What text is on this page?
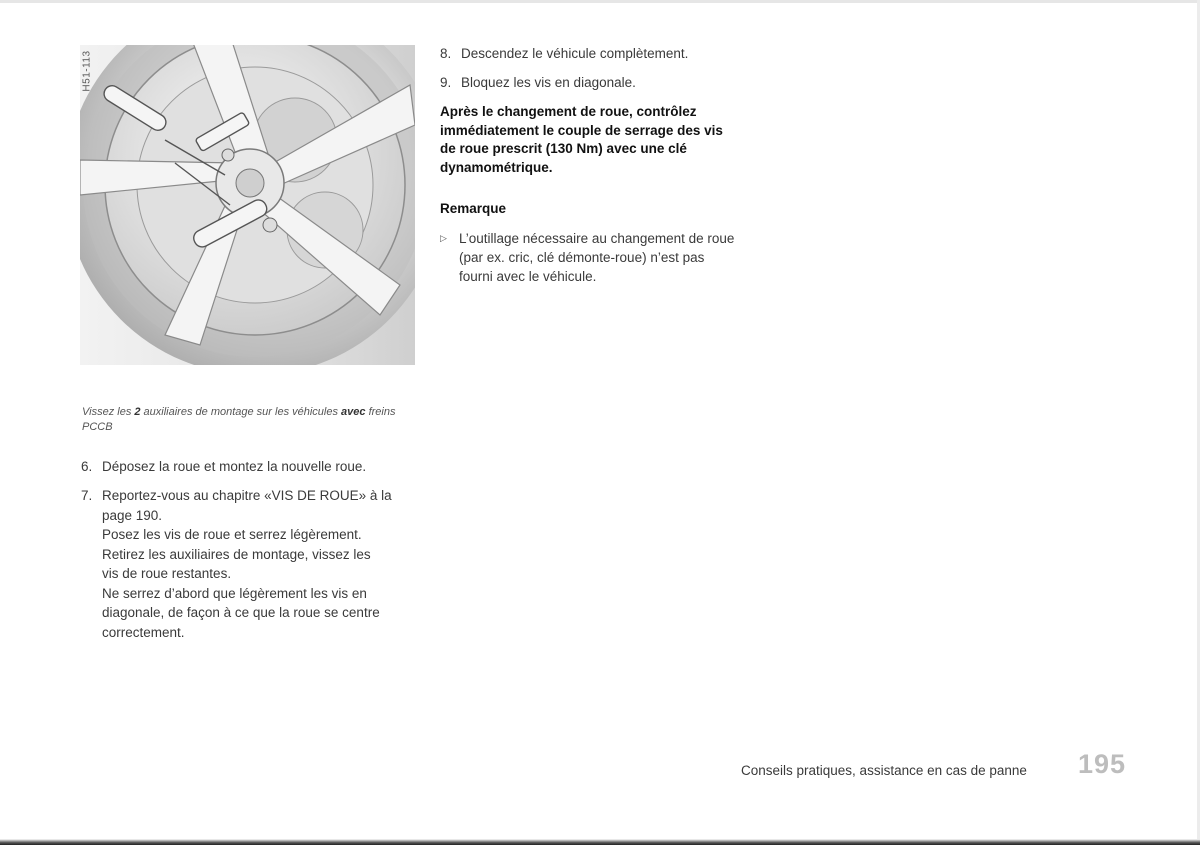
H51-113
Vissez les 2 auxiliaires de montage sur les véhicules avec freins PCCB
6. Déposez la roue et montez la nouvelle roue.
7. Reportez-vous au chapitre «VIS DE ROUE» à la
page 190.
Posez les vis de roue et serrez légèrement.
Retirez les auxiliaires de montage, vissez les
vis de roue restantes.
Ne serrez d’abord que légèrement les vis en
diagonale, de façon à ce que la roue se centre
correctement.
8. Descendez le véhicule complètement.
9. Bloquez les vis en diagonale.
Après le changement de roue, contrôlez
immédiatement le couple de serrage des vis
de roue prescrit (130 Nm) avec une clé
dynamométrique.
Remarque
▷ L’outillage nécessaire au changement de roue
(par ex. cric, clé démonte-roue) n’est pas
fourni avec le véhicule.
Conseils pratiques, assistance en cas de panne 195
